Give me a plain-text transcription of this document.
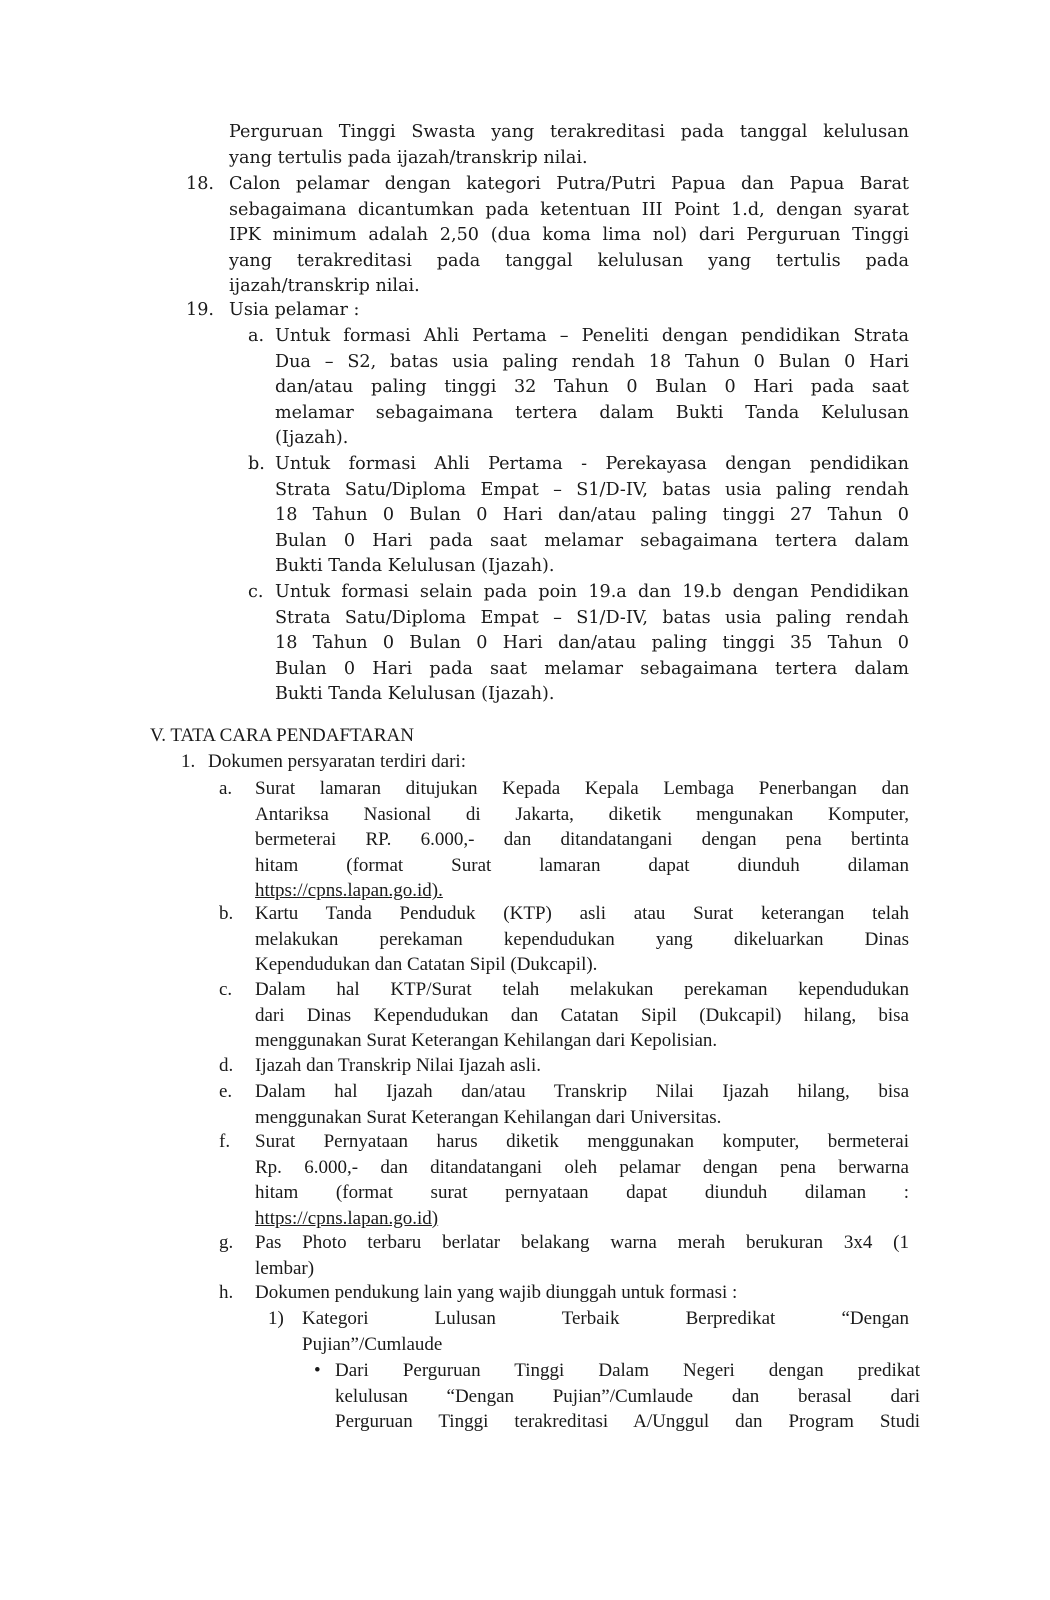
Perguruan Tinggi Swasta yang terakreditasi pada tanggal kelulusan
yang tertulis pada ijazah/transkrip nilai.
18. Calon pelamar dengan kategori Putra/Putri Papua dan Papua Barat
sebagaimana dicantumkan pada ketentuan III Point 1.d, dengan syarat
IPK minimum adalah 2,50 (dua koma lima nol) dari Perguruan Tinggi
yang terakreditasi pada tanggal kelulusan yang tertulis pada
ijazah/transkrip nilai.
19. Usia pelamar :
a. Untuk formasi Ahli Pertama – Peneliti dengan pendidikan Strata
Dua – S2, batas usia paling rendah 18 Tahun 0 Bulan 0 Hari
dan/atau paling tinggi 32 Tahun 0 Bulan 0 Hari pada saat
melamar sebagaimana tertera dalam Bukti Tanda Kelulusan
(Ijazah).
b. Untuk formasi Ahli Pertama - Perekayasa dengan pendidikan
Strata Satu/Diploma Empat – S1/D-IV, batas usia paling rendah
18 Tahun 0 Bulan 0 Hari dan/atau paling tinggi 27 Tahun 0
Bulan 0 Hari pada saat melamar sebagaimana tertera dalam
Bukti Tanda Kelulusan (Ijazah).
c. Untuk formasi selain pada poin 19.a dan 19.b dengan Pendidikan
Strata Satu/Diploma Empat – S1/D-IV, batas usia paling rendah
18 Tahun 0 Bulan 0 Hari dan/atau paling tinggi 35 Tahun 0
Bulan 0 Hari pada saat melamar sebagaimana tertera dalam
Bukti Tanda Kelulusan (Ijazah).
V. TATA CARA PENDAFTARAN
1. Dokumen persyaratan terdiri dari:
a. Surat lamaran ditujukan Kepada Kepala Lembaga Penerbangan dan
Antariksa Nasional di Jakarta, diketik mengunakan Komputer,
bermeterai RP. 6.000,- dan ditandatangani dengan pena bertinta
hitam (format Surat lamaran dapat diunduh dilaman
https://cpns.lapan.go.id).
b. Kartu Tanda Penduduk (KTP) asli atau Surat keterangan telah
melakukan perekaman kependudukan yang dikeluarkan Dinas
Kependudukan dan Catatan Sipil (Dukcapil).
c. Dalam hal KTP/Surat telah melakukan perekaman kependudukan
dari Dinas Kependudukan dan Catatan Sipil (Dukcapil) hilang, bisa
menggunakan Surat Keterangan Kehilangan dari Kepolisian.
d. Ijazah dan Transkrip Nilai Ijazah asli.
e. Dalam hal Ijazah dan/atau Transkrip Nilai Ijazah hilang, bisa
menggunakan Surat Keterangan Kehilangan dari Universitas.
f. Surat Pernyataan harus diketik menggunakan komputer, bermeterai
Rp. 6.000,- dan ditandatangani oleh pelamar dengan pena berwarna
hitam (format surat pernyataan dapat diunduh dilaman :
https://cpns.lapan.go.id)
g. Pas Photo terbaru berlatar belakang warna merah berukuran 3x4 (1
lembar)
h. Dokumen pendukung lain yang wajib diunggah untuk formasi :
1) Kategori Lulusan Terbaik Berpredikat “Dengan
Pujian”/Cumlaude
• Dari Perguruan Tinggi Dalam Negeri dengan predikat
kelulusan “Dengan Pujian”/Cumlaude dan berasal dari
Perguruan Tinggi terakreditasi A/Unggul dan Program Studi
